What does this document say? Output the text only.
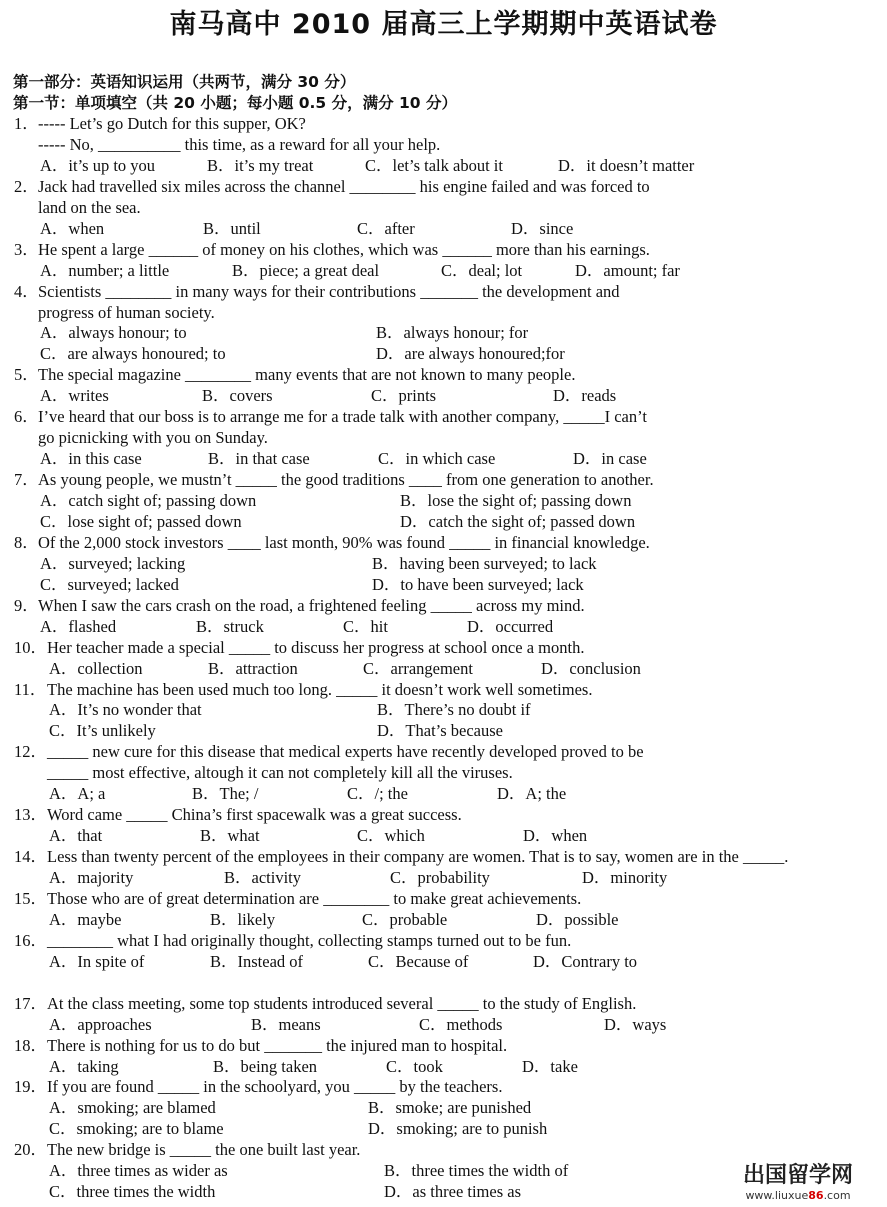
南马高中 2010 届高三上学期期中英语试卷
第一部分：英语知识运用（共两节，满分 30 分）
第一节：单项填空（共 20 小题；每小题 0.5 分，满分 10 分）
1． ----- Let’s go Dutch for this supper, OK?
----- No, __________ this time, as a reward for all your help.
A．it’s up to you	B．it’s my treat	C．let’s talk about it	D．it doesn’t matter
2． Jack had travelled six miles across the channel ________ his engine failed and was forced to
land on the sea.
A．when	B．until	C．after	D．since
3． He spent a large ______ of money on his clothes, which was ______ more than his earnings.
A．number; a little	B．piece; a great deal	C．deal; lot	D．amount; far
4． Scientists ________ in many ways for their contributions _______ the development and
progress of human society.
A．always honour; to	B．always honour; for
C．are always honoured; to	D．are always honoured;for
5． The special magazine ________ many events that are not known to many people.
A．writes	B．covers	C．prints	D．reads
6． I’ve heard that our boss is to arrange me for a trade talk with another company, _____I can’t
go picnicking with you on Sunday.
A．in this case	B．in that case	C．in which case	D．in case
7． As young people, we mustn’t _____ the good traditions ____ from one generation to another.
A．catch sight of; passing down	B．lose the sight of; passing down
C．lose sight of; passed down	D．catch the sight of; passed down
8． Of the 2,000 stock investors ____ last month, 90% was found _____ in financial knowledge.
A．surveyed; lacking	B．having been surveyed; to lack
C．surveyed; lacked	D．to have been surveyed; lack
9． When I saw the cars crash on the road, a frightened feeling _____ across my mind.
A．flashed	B．struck	C．hit	D．occurred
10． Her teacher made a special _____ to discuss her progress at school once a month.
A．collection	B．attraction	C．arrangement	D．conclusion
11． The machine has been used much too long. _____ it doesn’t work well sometimes.
A．It’s no wonder that	B．There’s no doubt if
C．It’s unlikely	D．That’s because
12． _____ new cure for this disease that medical experts have recently developed proved to be
_____ most effective, altough it can not completely kill all the viruses.
A．A; a	B．The; /	C．/; the	D．A; the
13． Word came _____ China’s first spacewalk was a great success.
A．that	B．what	C．which	D．when
14． Less than twenty percent of the employees in their company are women. That is to say, women are in the _____.
A．majority	B．activity	C．probability	D．minority
15． Those who are of great determination are ________ to make great achievements.
A．maybe	B．likely	C．probable	D．possible
16． ________ what I had originally thought, collecting stamps turned out to be fun.
A．In spite of	B．Instead of	C．Because of	D．Contrary to
17． At the class meeting, some top students introduced several _____ to the study of English.
A．approaches	B．means	C．methods	D．ways
18． There is nothing for us to do but _______ the injured man to hospital.
A．taking	B．being taken	C．took	D．take
19． If you are found _____ in the schoolyard, you _____ by the teachers.
A．smoking; are blamed	B．smoke; are punished
C．smoking; are to blame	D．smoking; are to punish
20． The new bridge is _____ the one built last year.
A．three times as wider as	B．three times the width of
C．three times the width	D．as three times as
出国留学网
www.liuxue86.com
